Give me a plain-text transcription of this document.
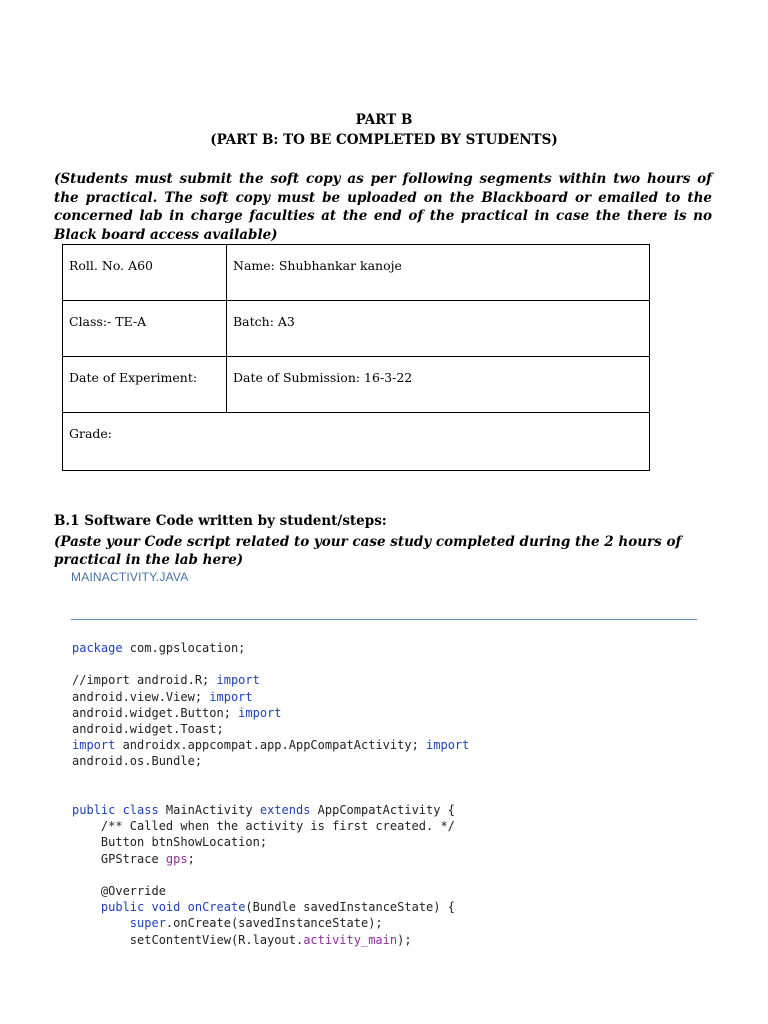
PART B
(PART B: TO BE COMPLETED BY STUDENTS)
(Students must submit the soft copy as per following segments within two hours of the practical. The soft copy must be uploaded on the Blackboard or emailed to the concerned lab in charge faculties at the end of the practical in case the there is no Black board access available)
Roll. No. A60	Name: Shubhankar kanoje
Class:- TE-A	Batch: A3
Date of Experiment:	Date of Submission: 16-3-22
Grade:	
B.1 Software Code written by student/steps:
(Paste your Code script related to your case study completed during the 2 hours of practical in the lab here)
MAINACTIVITY.JAVA
package com.gpslocation;

//import android.R; import
android.view.View; import
android.widget.Button; import
android.widget.Toast;
import androidx.appcompat.app.AppCompatActivity; import
android.os.Bundle;

public class MainActivity extends AppCompatActivity {
/** Called when the activity is first created. */
Button btnShowLocation;
GPStrace gps;

@Override
public void onCreate(Bundle savedInstanceState) {
super.onCreate(savedInstanceState);
setContentView(R.layout.activity_main);
